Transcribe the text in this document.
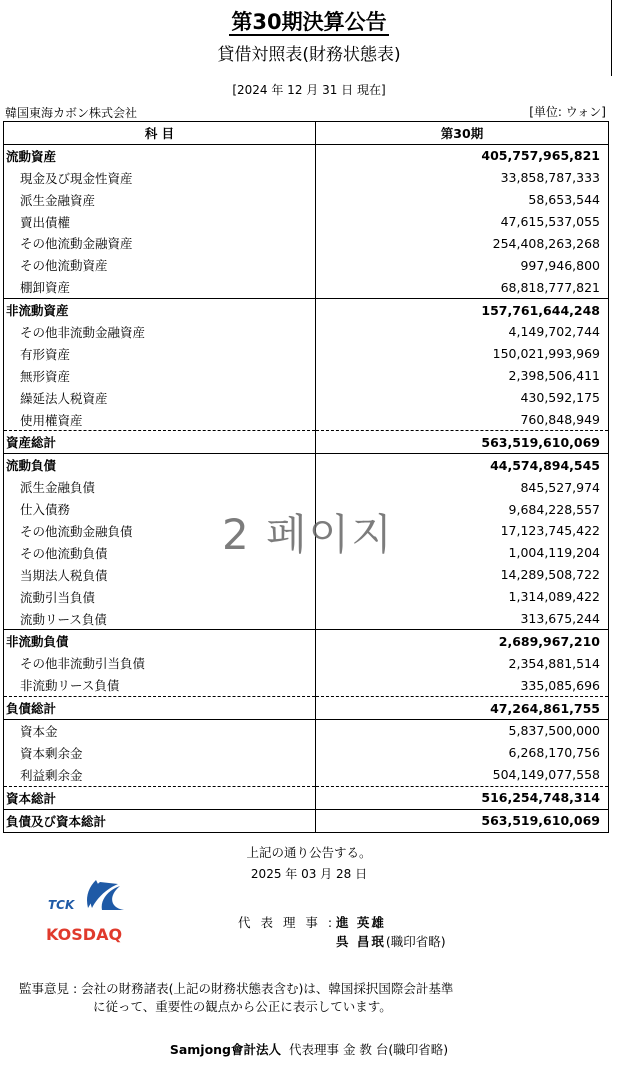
第30期決算公告
貸借対照表(財務状態表)
[2024 年 12 月 31 日 現在]
韓国東海カボン株式会社	[単位: ウォン]
科 目	第30期
流動資産	405,757,965,821
現金及び現金性資産	33,858,787,333
派生金融資産	58,653,544
賣出債權	47,615,537,055
その他流動金融資産	254,408,263,268
その他流動資産	997,946,800
棚卸資産	68,818,777,821
非流動資産	157,761,644,248
その他非流動金融資産	4,149,702,744
有形資産	150,021,993,969
無形資産	2,398,506,411
繰延法人税資産	430,592,175
使用權資産	760,848,949
資産総計	563,519,610,069
流動負債	44,574,894,545
派生金融負債	845,527,974
仕入債務	9,684,228,557
その他流動金融負債	17,123,745,422
その他流動負債	1,004,119,204
当期法人税負債	14,289,508,722
流動引当負債	1,314,089,422
流動リース負債	313,675,244
非流動負債	2,689,967,210
その他非流動引当負債	2,354,881,514
非流動リース負債	335,085,696
負債総計	47,264,861,755
資本金	5,837,500,000
資本剰余金	6,268,170,756
利益剰余金	504,149,077,558
資本総計	516,254,748,314
負債及び資本総計	563,519,610,069
2 페이지
上記の通り公告する。
2025 年 03 月 28 日
TCK
KOSDAQ
代 表 理 事 : 進 英雄
呉 昌珉(職印省略)
監事意見 : 会社の財務諸表(上記の財務状態表含む)は、韓国採択国際会計基準
に従って、重要性の観点から公正に表示しています。
Samjong會計法人 代表理事 金 教 台(職印省略)
